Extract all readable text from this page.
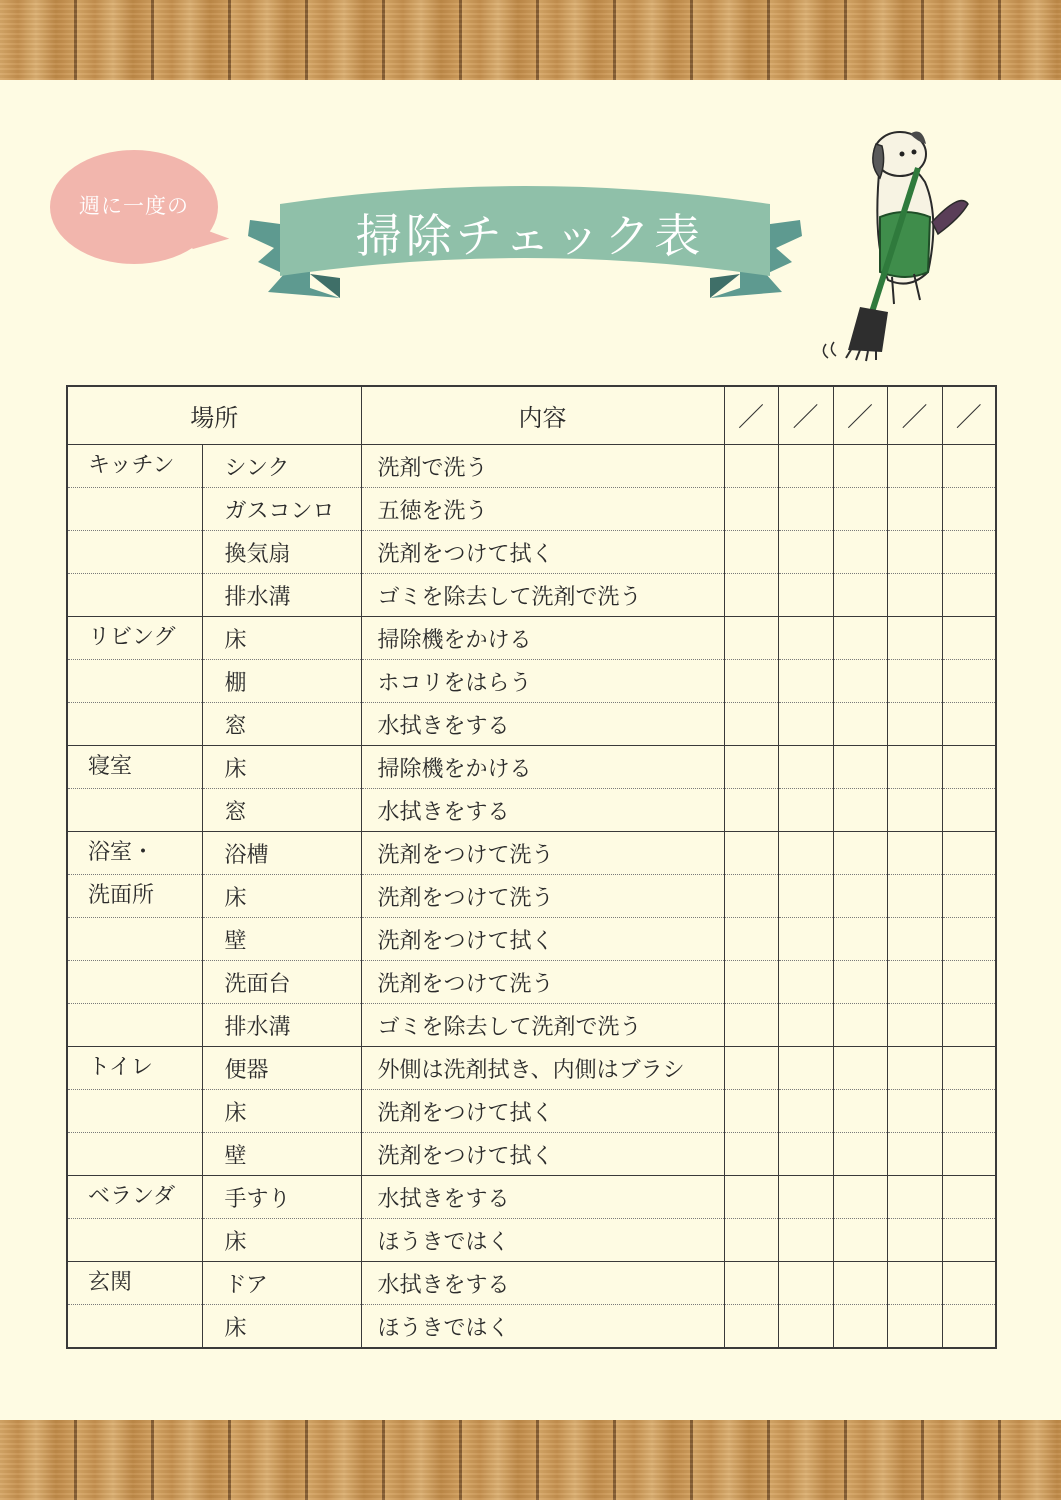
週に一度の
掃除チェック表
場所		内容	／	／	／	／	／

キッチン	シンク	洗剤で洗う					
	ガスコンロ	五徳を洗う					
	換気扇	洗剤をつけて拭く					
	排水溝	ゴミを除去して洗剤で洗う					
リビング	床	掃除機をかける					
	棚	ホコリをはらう					
	窓	水拭きをする					
寝室	床	掃除機をかける					
	窓	水拭きをする					
浴室・	浴槽	洗剤をつけて洗う					
洗面所	床	洗剤をつけて洗う					
	壁	洗剤をつけて拭く					
	洗面台	洗剤をつけて洗う					
	排水溝	ゴミを除去して洗剤で洗う					
トイレ	便器	外側は洗剤拭き、内側はブラシ					
	床	洗剤をつけて拭く					
	壁	洗剤をつけて拭く					
ベランダ	手すり	水拭きをする					
	床	ほうきではく					
玄関	ドア	水拭きをする					
	床	ほうきではく					
